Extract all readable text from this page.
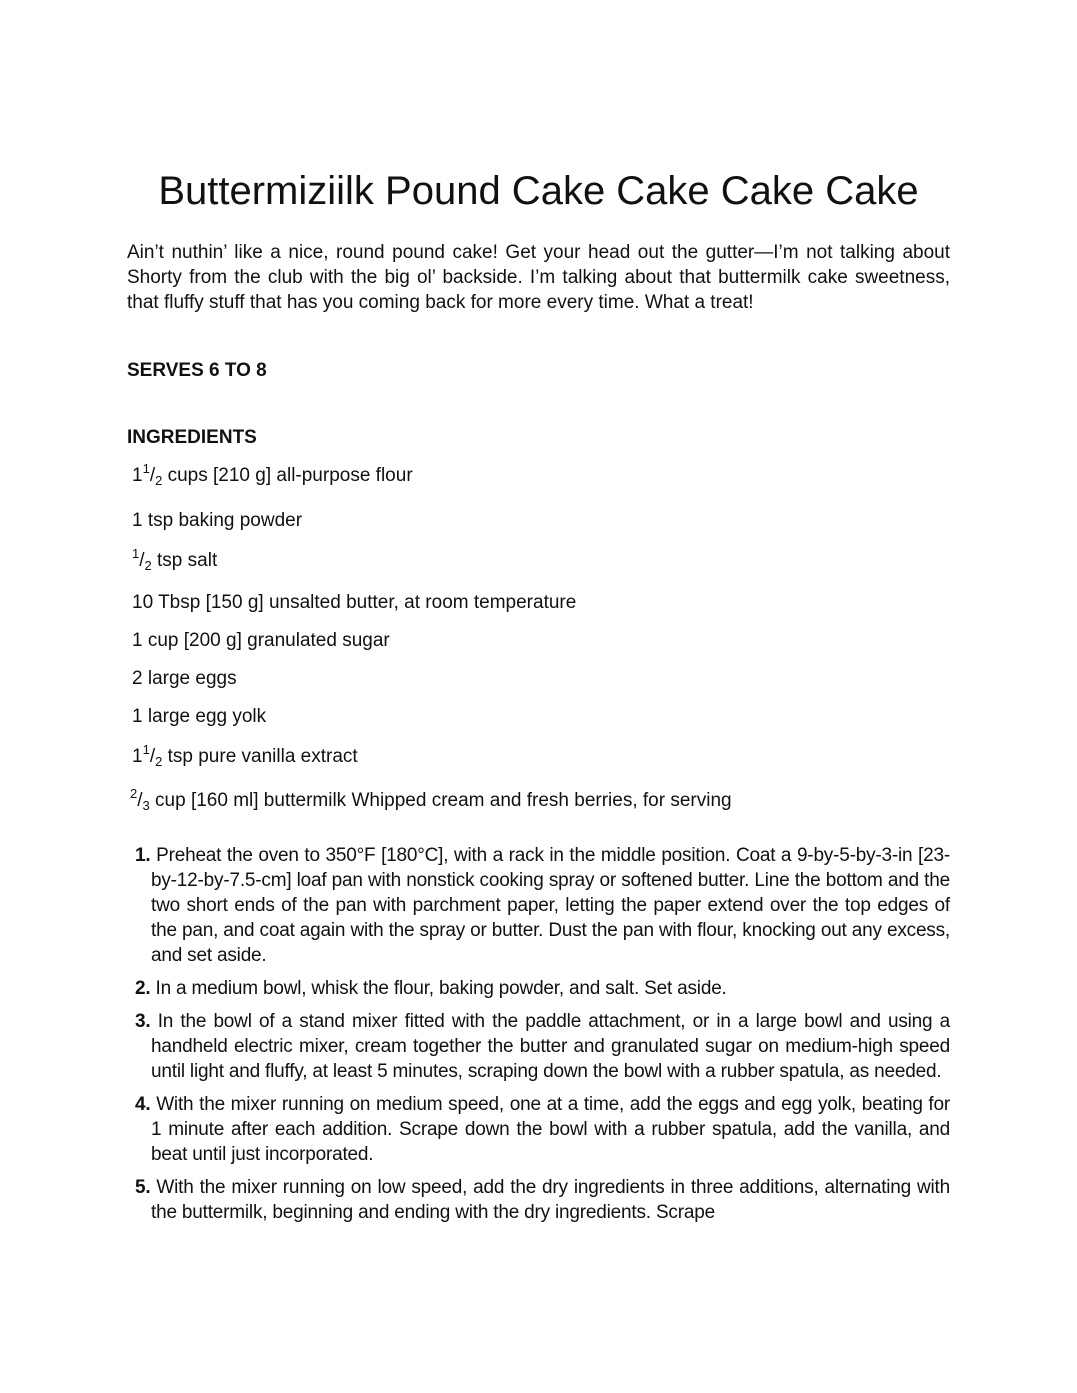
Buttermiziilk Pound Cake Cake Cake Cake

Ain’t nuthin’ like a nice, round pound cake! Get your head out the gutter—I’m not talking about Shorty from the club with the big ol’ backside. I’m talking about that buttermilk cake sweetness, that fluffy stuff that has you coming back for more every time. What a treat!

SERVES 6 TO 8
INGREDIENTS
$1^1/_2$ cups [210 g] all-purpose flour
1 tsp baking powder
$^1/_2$ tsp salt
10 Tbsp [150 g] unsalted butter, at room temperature
1 cup [200 g] granulated sugar
2 large eggs
1 large egg yolk
$1^1/_2$ tsp pure vanilla extract
$^2/_3$ cup [160 ml] buttermilk Whipped cream and fresh berries, for serving
1. Preheat the oven to 350°F [180°C], with a rack in the middle position. Coat a 9-by-5-by-3-in [23-by-12-by-7.5-cm] loaf pan with nonstick cooking spray or softened butter. Line the bottom and the two short ends of the pan with parchment paper, letting the paper extend over the top edges of the pan, and coat again with the spray or butter. Dust the pan with flour, knocking out any excess, and set aside.
2. In a medium bowl, whisk the flour, baking powder, and salt. Set aside.
3. In the bowl of a stand mixer fitted with the paddle attachment, or in a large bowl and using a handheld electric mixer, cream together the butter and granulated sugar on medium-high speed until light and fluffy, at least 5 minutes, scraping down the bowl with a rubber spatula, as needed.
4. With the mixer running on medium speed, one at a time, add the eggs and egg yolk, beating for 1 minute after each addition. Scrape down the bowl with a rubber spatula, add the vanilla, and beat until just incorporated.
5. With the mixer running on low speed, add the dry ingredients in three additions, alternating with the buttermilk, beginning and ending with the dry ingredients. Scrape
